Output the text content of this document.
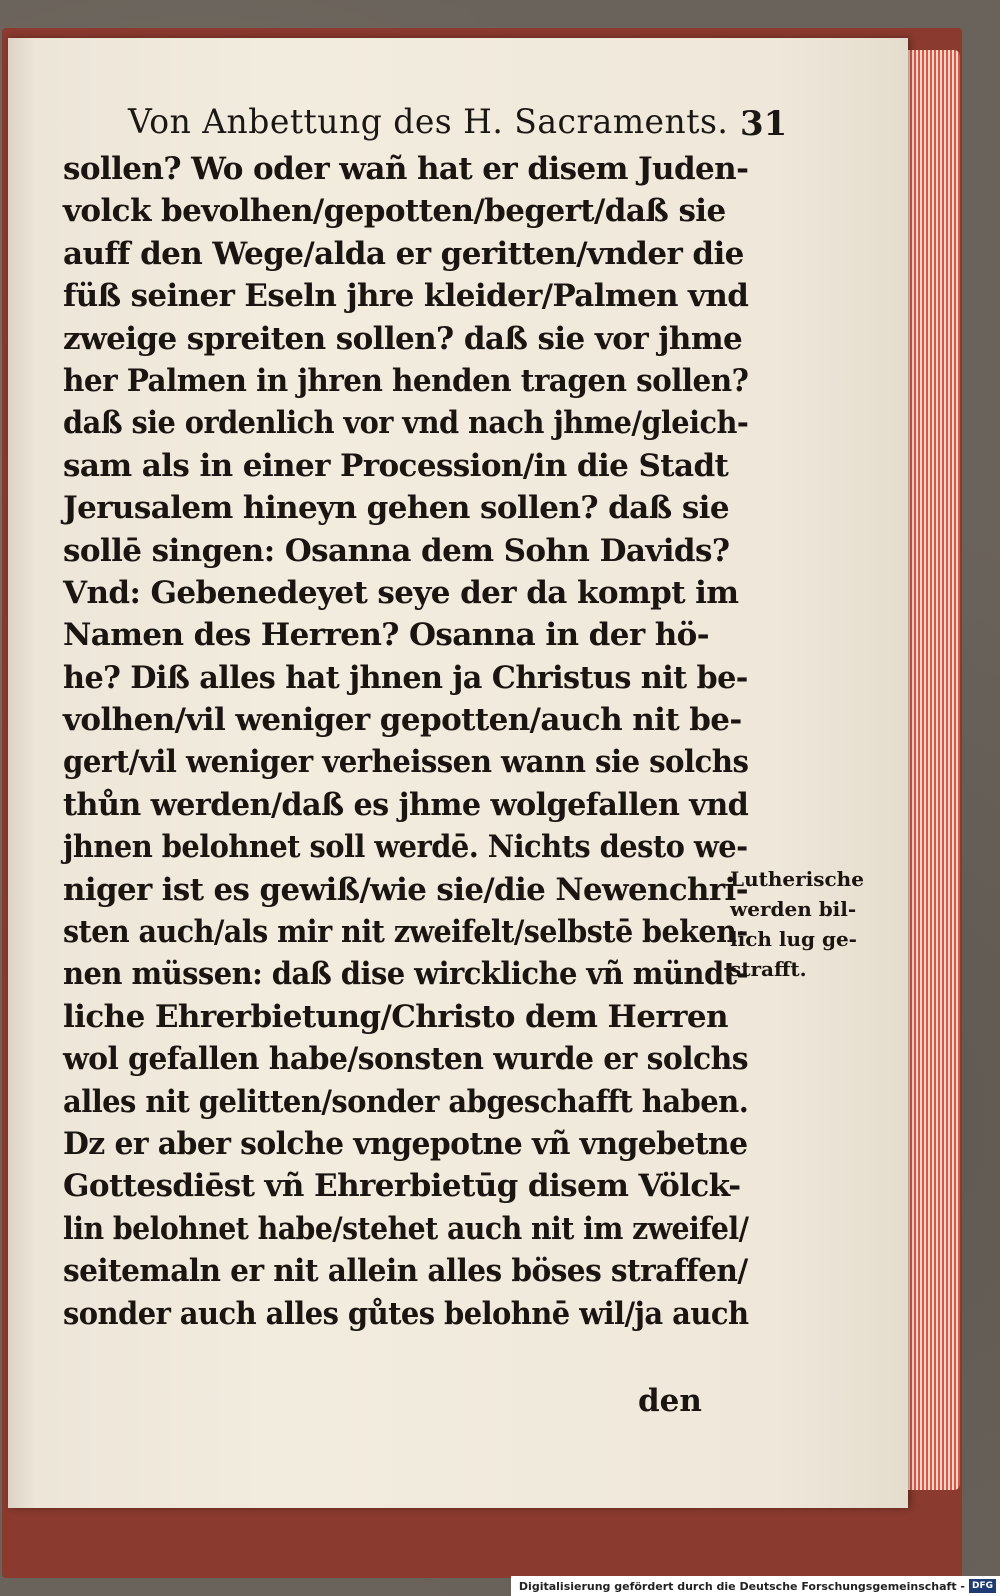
Von Anbettung des H. Sacraments. 31
sollen? Wo oder wañ hat er disem Juden-
volck bevolhen/gepotten/begert/daß sie
auff den Wege/alda er geritten/vnder die
füß seiner Eseln jhre kleider/Palmen vnd
zweige spreiten sollen? daß sie vor jhme
her Palmen in jhren henden tragen sollen?
daß sie ordenlich vor vnd nach jhme/gleich-
sam als in einer Procession/in die Stadt
Jerusalem hineyn gehen sollen? daß sie
sollē singen: Osanna dem Sohn Davids?
Vnd: Gebenedeyet seye der da kompt im
Namen des Herren? Osanna in der hö-
he? Diß alles hat jhnen ja Christus nit be-
volhen/vil weniger gepotten/auch nit be-
gert/vil weniger verheissen wann sie solchs
thůn werden/daß es jhme wolgefallen vnd
jhnen belohnet soll werdē. Nichts desto we-
niger ist es gewiß/wie sie/die Newenchri-
sten auch/als mir nit zweifelt/selbstē beken-
nen müssen: daß dise wirckliche vñ mündt-
liche Ehrerbietung/Christo dem Herren
wol gefallen habe/sonsten wurde er solchs
alles nit gelitten/sonder abgeschafft haben.
Dz er aber solche vngepotne vñ vngebetne
Gottesdiēst vñ Ehrerbietūg disem Völck-
lin belohnet habe/stehet auch nit im zweifel/
seitemaln er nit allein alles böses straffen/
sonder auch alles gůtes belohnē wil/ja auch
den
Lutherische
werden bil-
lich lug ge-
strafft.
Digitalisierung gefördert durch die Deutsche Forschungsgemeinschaft - DFG
